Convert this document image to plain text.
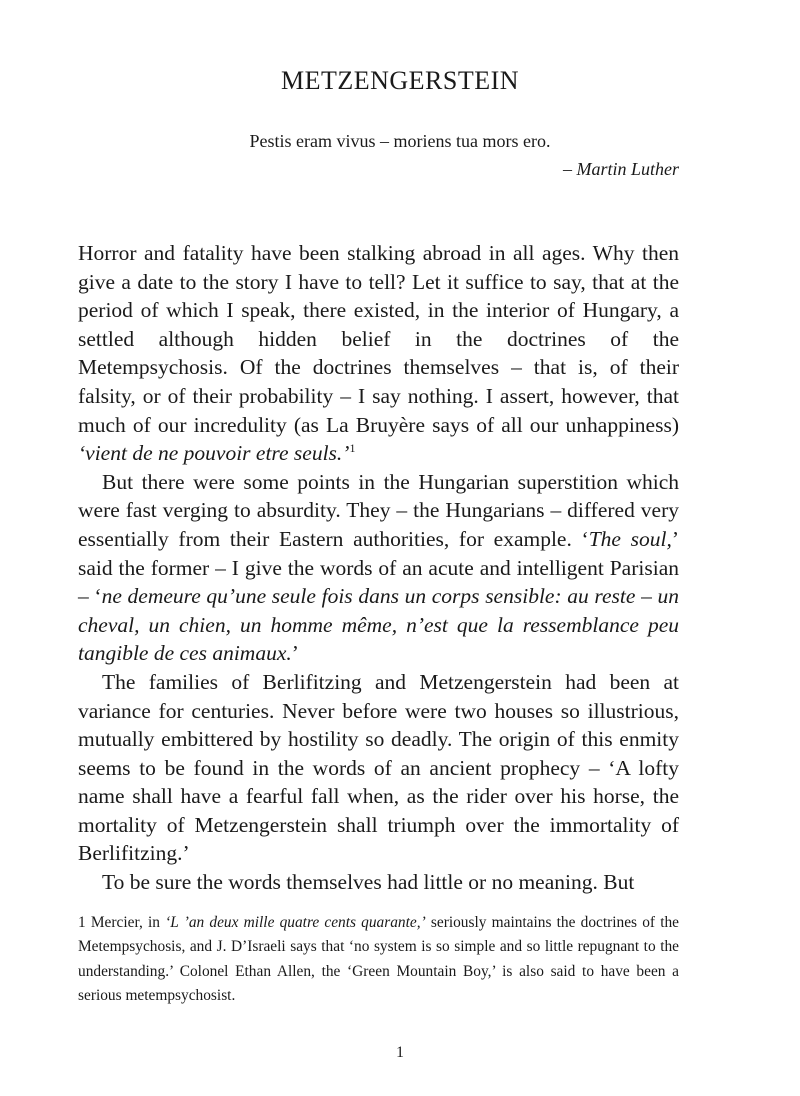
METZENGERSTEIN

Pestis eram vivus – moriens tua mors ero.

– Martin Luther

Horror and fatality have been stalking abroad in all ages. Why then give a date to the story I have to tell? Let it suffice to say, that at the period of which I speak, there existed, in the interior of Hungary, a settled although hidden belief in the doctrines of the Metempsychosis. Of the doctrines themselves – that is, of their falsity, or of their probability – I say nothing. I assert, however, that much of our incredulity (as La Bruyère says of all our unhappiness) ‘vient de ne pouvoir etre seuls.’$^1$

But there were some points in the Hungarian superstition which were fast verging to absurdity. They – the Hungarians – differed very essentially from their Eastern authorities, for example. ‘The soul,’ said the former – I give the words of an acute and intelligent Parisian – ‘ne demeure qu’une seule fois dans un corps sensible: au reste – un cheval, un chien, un homme même, n’est que la ressemblance peu tangible de ces animaux.’

The families of Berlifitzing and Metzengerstein had been at variance for centuries. Never before were two houses so illustrious, mutually embittered by hostility so deadly. The origin of this enmity seems to be found in the words of an ancient prophecy – ‘A lofty name shall have a fearful fall when, as the rider over his horse, the mortality of Metzengerstein shall triumph over the immortality of Berlifitzing.’

To be sure the words themselves had little or no meaning. But

1 Mercier, in ‘L ’an deux mille quatre cents quarante,’ seriously maintains the doctrines of the Metempsychosis, and J. D’Israeli says that ‘no system is so simple and so little repugnant to the understanding.’ Colonel Ethan Allen, the ‘Green Mountain Boy,’ is also said to have been a serious metempsychosist.

1
